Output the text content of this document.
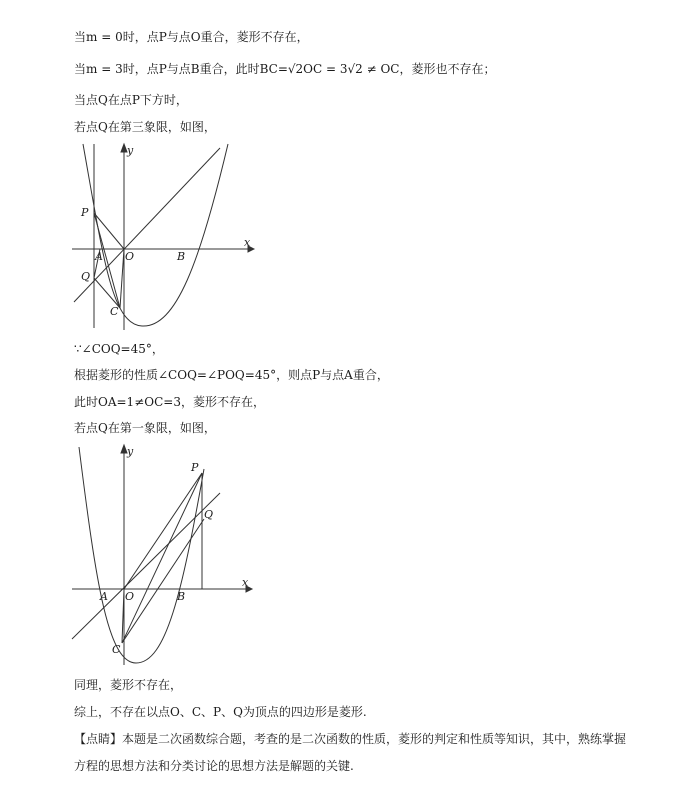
当m = 0时，点P与点O重合，菱形不存在，
当m = 3时，点P与点B重合，此时BC=√2OC = 3√2 ≠ OC，菱形也不存在；
当点Q在点P下方时，
若点Q在第三象限，如图，
y
x
P
A O	B
Q
C
∵∠COQ=45°，
根据菱形的性质∠COQ=∠POQ=45°，则点P与点A重合，
此时OA=1≠OC=3，菱形不存在，
若点Q在第一象限，如图，
y
x
P
Q
A O	B
C
同理，菱形不存在，
综上，不存在以点O、C、P、Q为顶点的四边形是菱形.
【点睛】本题是二次函数综合题，考查的是二次函数的性质，菱形的判定和性质等知识，其中，熟练掌握
方程的思想方法和分类讨论的思想方法是解题的关键.
